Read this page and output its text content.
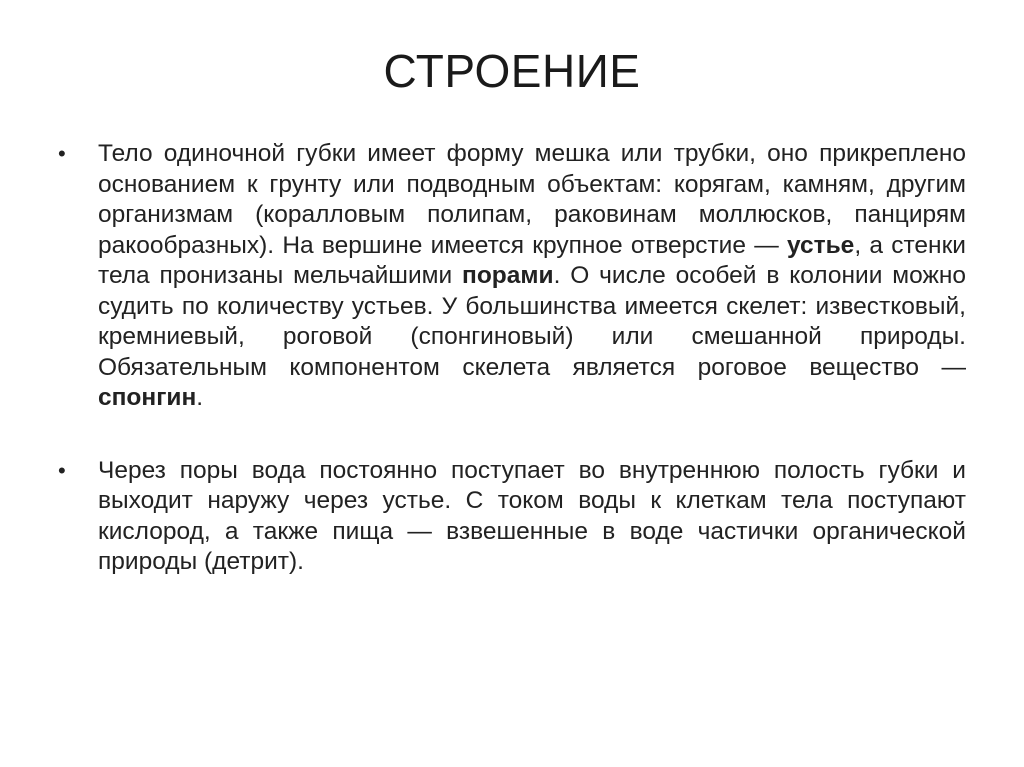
СТРОЕНИЕ
•	Тело одиночной губки имеет форму мешка или трубки, оно прикреплено основанием к грунту или подводным объектам: корягам, камням, другим организмам (коралловым полипам, раковинам моллюсков, панцирям ракообразных). На вершине имеется крупное отверстие — устье, а стенки тела пронизаны мельчайшими порами. О числе особей в колонии можно судить по количеству устьев. У большинства имеется скелет: известковый, кремниевый, роговой (спонгиновый) или смешанной природы. Обязательным компонентом скелета является роговое вещество — спонгин.
•	Через поры вода постоянно поступает во внутреннюю полость губки и выходит наружу через устье. С током воды к клеткам тела поступают кислород, а также пища — взвешенные в воде частички органической природы (детрит).
